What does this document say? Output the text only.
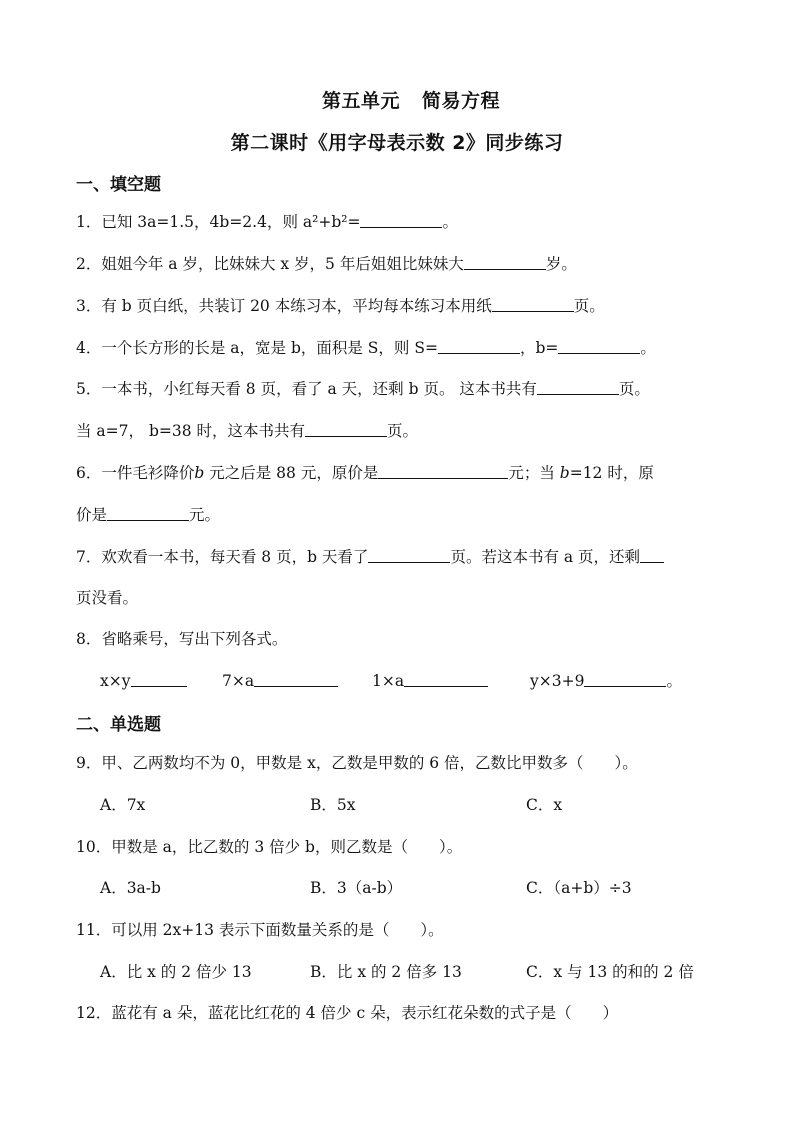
第五单元 简易方程
第二课时《用字母表示数 2》同步练习
一、填空题
1．已知 3a=1.5，4b=2.4，则 a²+b²=	。
2．姐姐今年 a 岁，比妹妹大 x 岁，5 年后姐姐比妹妹大	岁。
3．有 b 页白纸，共装订 20 本练习本，平均每本练习本用纸	页。
4．一个长方形的长是 a，宽是 b，面积是 S，则 S=	，b=	。
5．一本书，小红每天看 8 页，看了 a 天，还剩 b 页。 这本书共有	页。
当 a=7， b=38 时，这本书共有	页。
6．一件毛衫降价b 元之后是 88 元，原价是	元；当 b=12 时，原
价是	元。
7．欢欢看一本书，每天看 8 页，b 天看了	页。若这本书有 a 页，还剩
页没看。
8．省略乘号，写出下列各式。
x×y	7×a	1×a	y×3+9	。
二、单选题
9．甲、乙两数均不为 0，甲数是 x，乙数是甲数的 6 倍，乙数比甲数多（　　）。
A．7x	B．5x	C．x
10．甲数是 a，比乙数的 3 倍少 b，则乙数是（　　）。
A．3a-b	B．3（a-b）	C．（a+b）÷3
11．可以用 2x+13 表示下面数量关系的是（　　）。
A．比 x 的 2 倍少 13	B．比 x 的 2 倍多 13	C．x 与 13 的和的 2 倍
12．蓝花有 a 朵，蓝花比红花的 4 倍少 c 朵，表示红花朵数的式子是（　　）
